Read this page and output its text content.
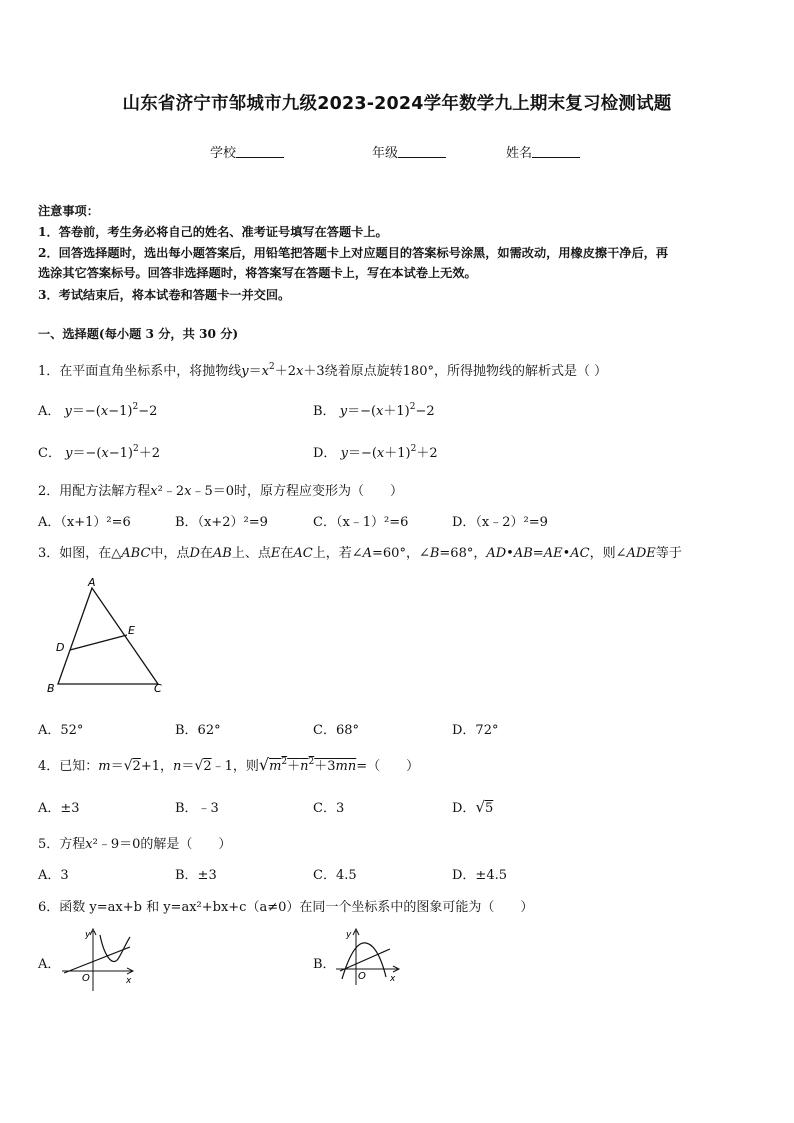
山东省济宁市邹城市九级2023-2024学年数学九上期末复习检测试题
学校	年级	姓名
注意事项：
1．答卷前，考生务必将自己的姓名、准考证号填写在答题卡上。
2．回答选择题时，选出每小题答案后，用铅笔把答题卡上对应题目的答案标号涂黑，如需改动，用橡皮擦干净后，再
选涂其它答案标号。回答非选择题时，将答案写在答题卡上，写在本试卷上无效。
3．考试结束后，将本试卷和答题卡一并交回。
一、选择题(每小题 3 分，共 30 分)
1．在平面直角坐标系中，将抛物线$y=x^2+2x+3$绕着原点旋转180°，所得抛物线的解析式是（ ）
A． $y=-(x-1)^2-2$	B． $y=-(x+1)^2-2$
C． $y=-(x-1)^2+2$	D． $y=-(x+1)^2+2$
2．用配方法解方程x²﹣2x﹣5＝0时，原方程应变形为（　　）
A．（x+1）²=6	B．（x+2）²=9	C．（x﹣1）²=6	D．（x﹣2）²=9
3．如图，在△ABC中，点D在AB上、点E在AC上，若∠A=60°，∠B=68°，AD•AB=AE•AC，则∠ADE等于
A
B	C
D
E
A．52°	B．62°	C．68°	D．72°
4．已知：m＝√2+1，n＝√2﹣1，则$√m^2+n^2+3mn=$（　　）
A．±3	B．﹣3	C．3	D．√5
5．方程x²﹣9＝0的解是（　　）
A．3	B．±3	C．4.5	D．±4.5
6．函数 y=ax+b 和 y=ax²+bx+c（a≠0）在同一个坐标系中的图象可能为（　　）
A．
y
x
O
B．
y
x
O
